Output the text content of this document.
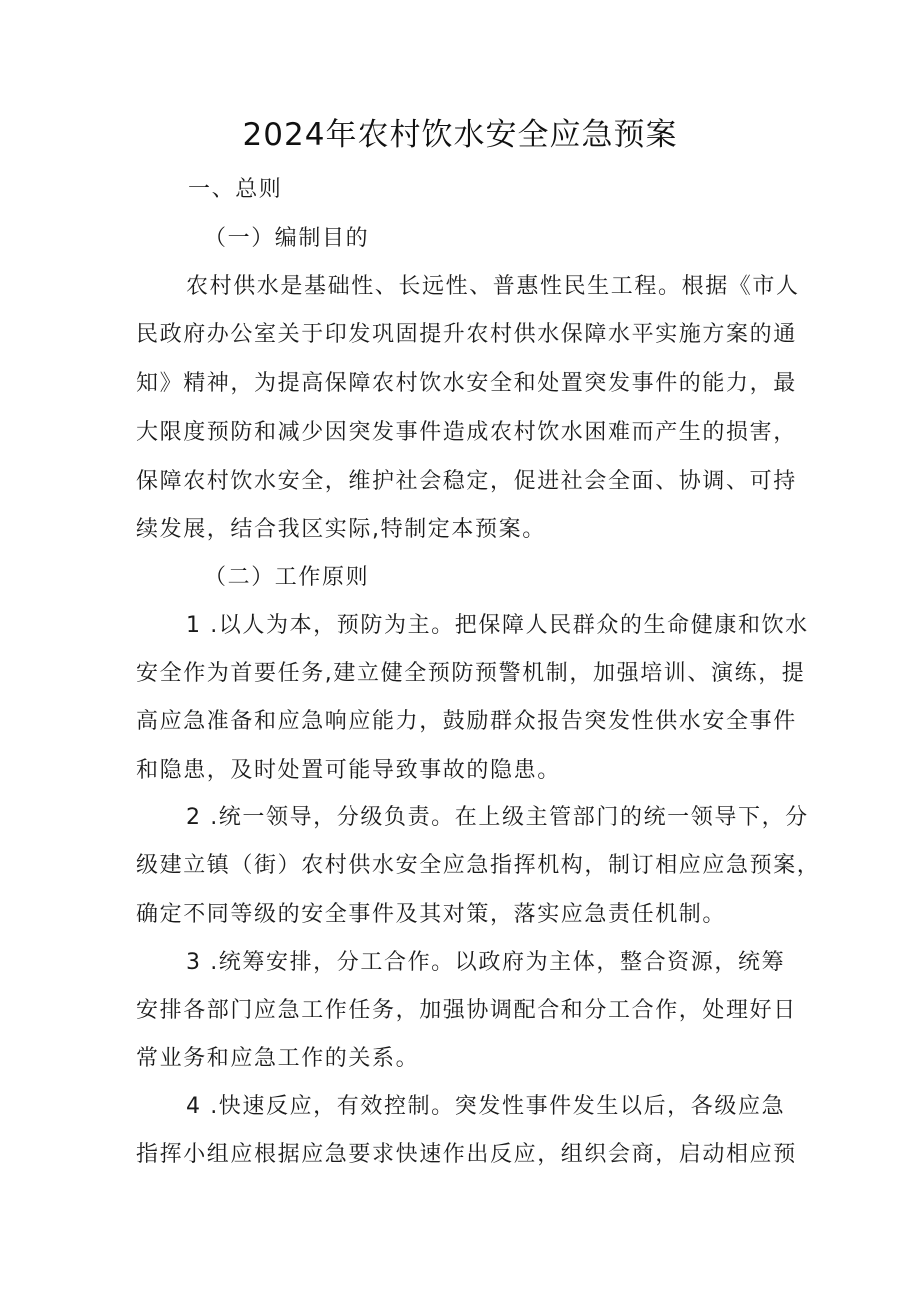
2024年农村饮水安全应急预案
一、总则
（一）编制目的
农村供水是基础性、长远性、普惠性民生工程。根据《市人
民政府办公室关于印发巩固提升农村供水保障水平实施方案的通
知》精神，为提高保障农村饮水安全和处置突发事件的能力，最
大限度预防和减少因突发事件造成农村饮水困难而产生的损害，
保障农村饮水安全，维护社会稳定，促进社会全面、协调、可持
续发展，结合我区实际,特制定本预案。
（二）工作原则
1 .以人为本，预防为主。把保障人民群众的生命健康和饮水
安全作为首要任务,建立健全预防预警机制，加强培训、演练，提
高应急准备和应急响应能力，鼓励群众报告突发性供水安全事件
和隐患，及时处置可能导致事故的隐患。
2 .统一领导，分级负责。在上级主管部门的统一领导下，分
级建立镇（街）农村供水安全应急指挥机构，制订相应应急预案，
确定不同等级的安全事件及其对策，落实应急责任机制。
3 .统筹安排，分工合作。以政府为主体，整合资源，统筹
安排各部门应急工作任务，加强协调配合和分工合作，处理好日
常业务和应急工作的关系。
4 .快速反应，有效控制。突发性事件发生以后，各级应急
指挥小组应根据应急要求快速作出反应，组织会商，启动相应预
